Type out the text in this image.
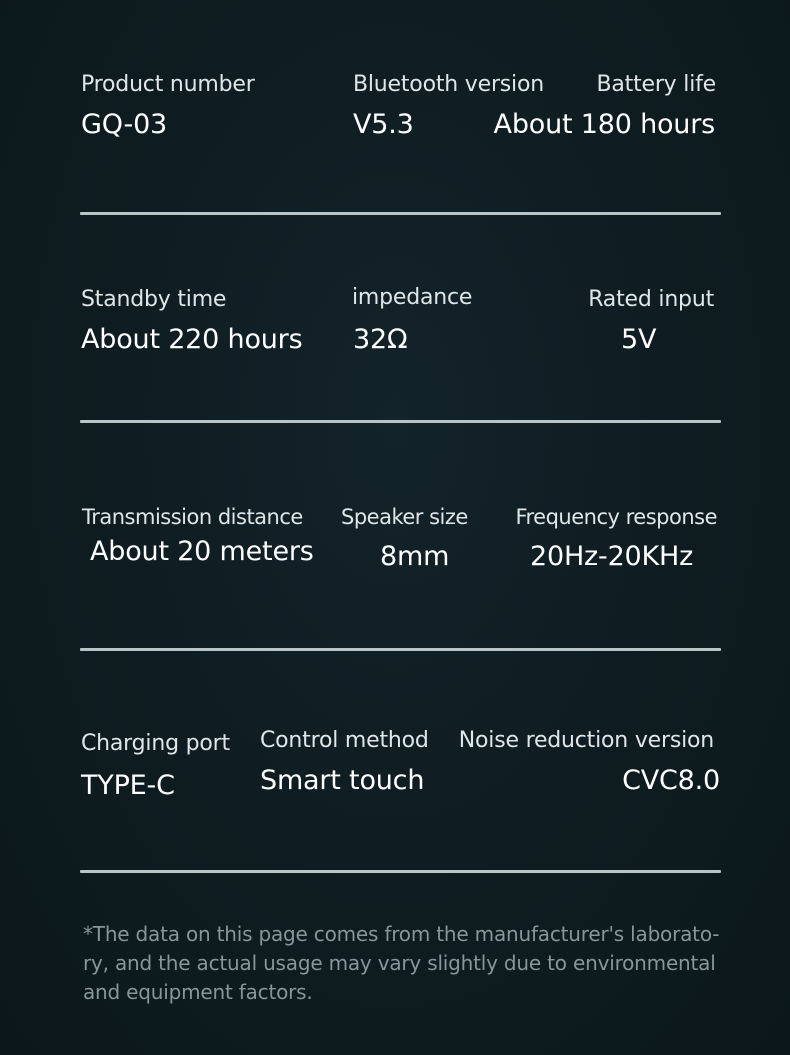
Product number
GQ-03
Bluetooth version
V5.3
Battery life
About 180 hours
Standby time
About 220 hours
impedance
32Ω
Rated input
5V
Transmission distance
About 20 meters
Speaker size
8mm
Frequency response
20Hz-20KHz
Charging port
TYPE-C
Control method
Smart touch
Noise reduction version
CVC8.0
*The data on this page comes from the manufacturer's laborato-
ry, and the actual usage may vary slightly due to environmental
and equipment factors.
